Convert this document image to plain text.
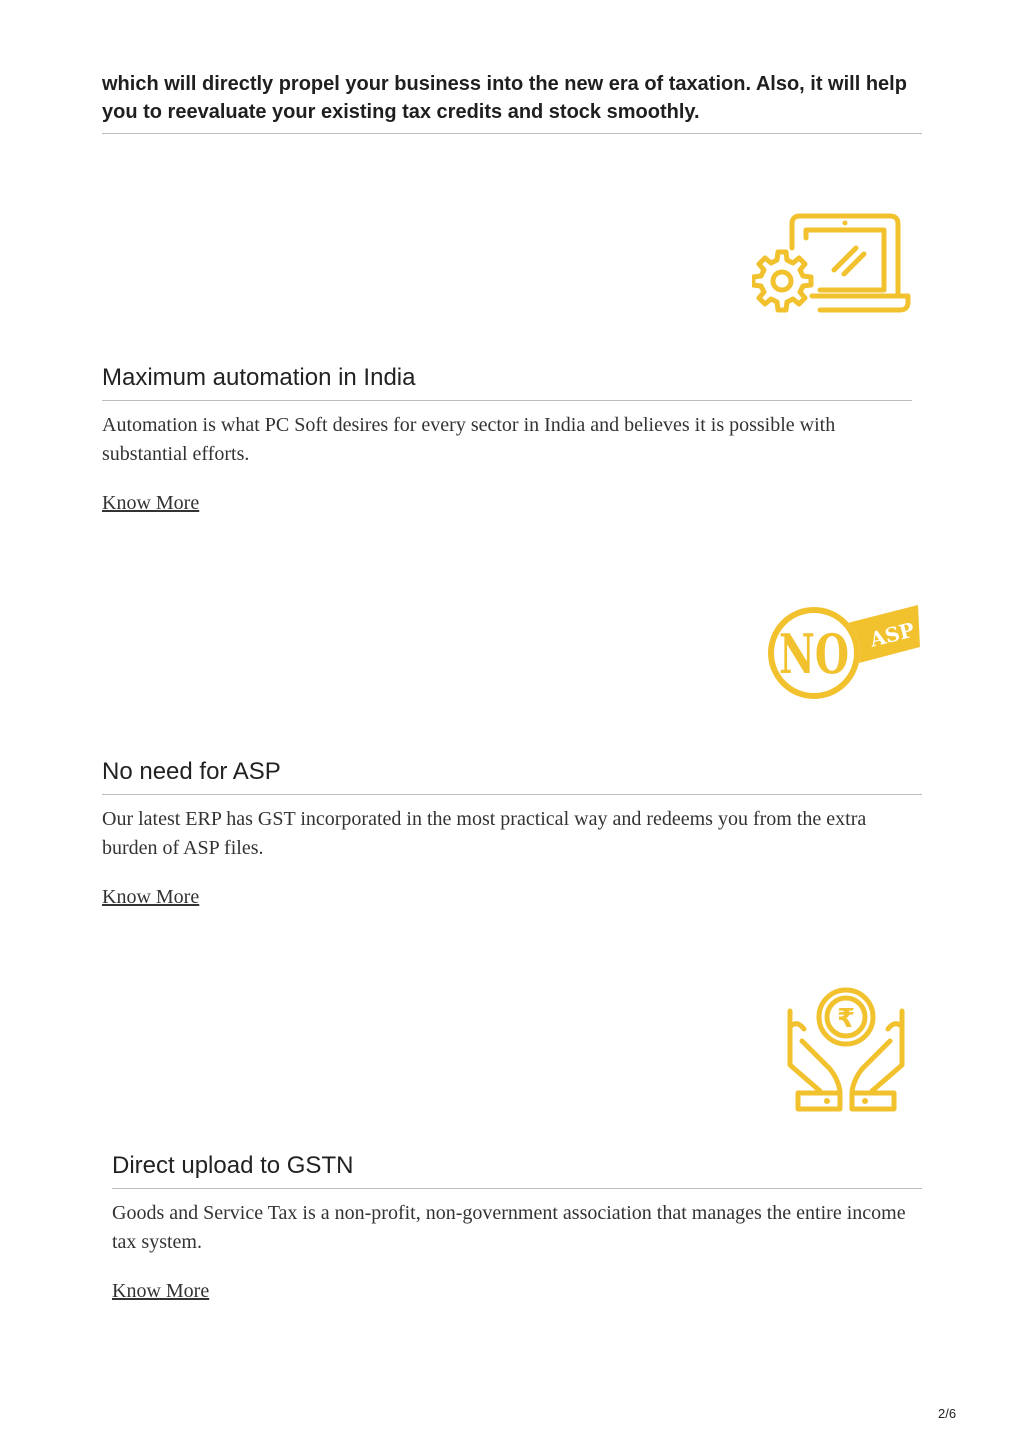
which will directly propel your business into the new era of taxation. Also, it will help you to reevaluate your existing tax credits and stock smoothly.
Maximum automation in India

Automation is what PC Soft desires for every sector in India and believes it is possible with substantial efforts.

Know More
ASP
NO
No need for ASP

Our latest ERP has GST incorporated in the most practical way and redeems you from the extra burden of ASP files.

Know More
₹
Direct upload to GSTN

Goods and Service Tax is a non-profit, non-government association that manages the entire income tax system.

Know More
2/6
